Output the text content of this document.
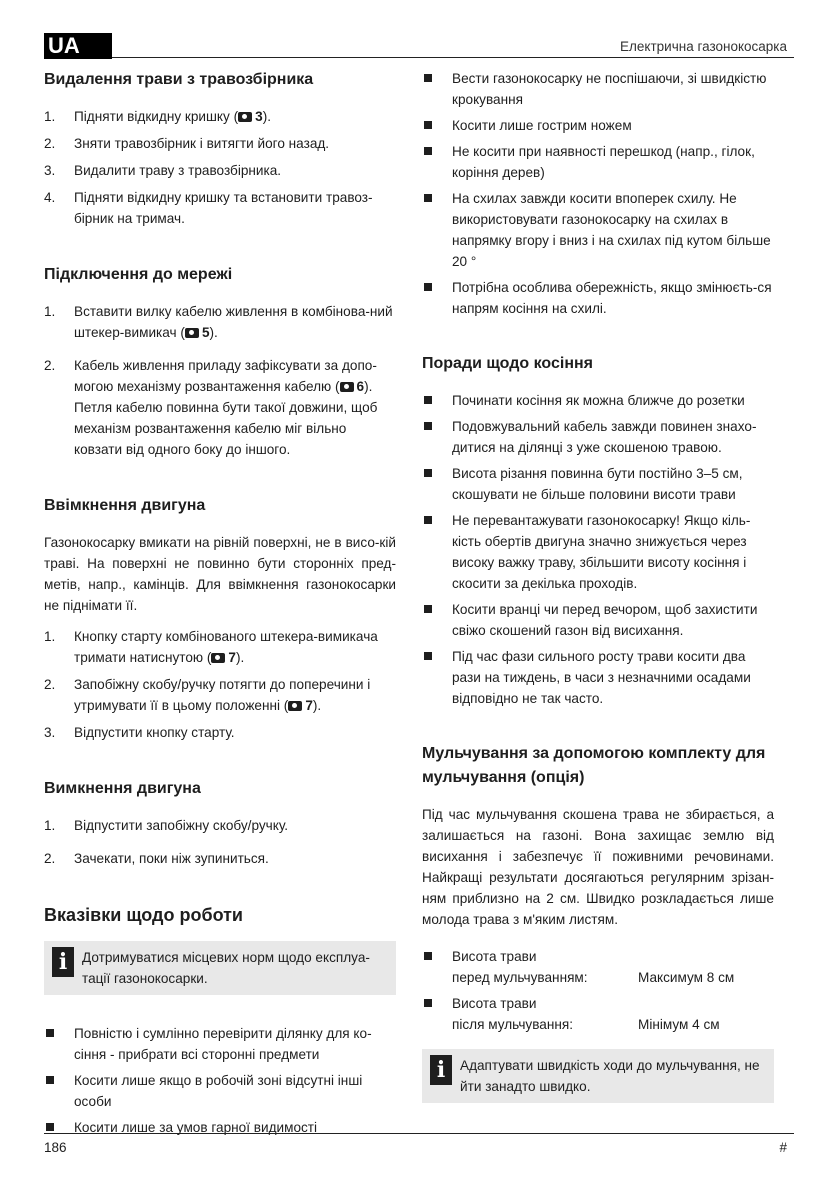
UA	Електрична газонокосарка
Видалення трави з травозбірника
1. Підняти відкидну кришку ( 3).
2. Зняти травозбірник і витягти його назад.
3. Видалити траву з травозбірника.
4. Підняти відкидну кришку та встановити травоз-бірник на тримач.
Підключення до мережі
1. Вставити вилку кабелю живлення в комбінова-ний штекер-вимикач ( 5).
2. Кабель живлення приладу зафіксувати за допо-могою механізму розвантаження кабелю ( 6). Петля кабелю повинна бути такої довжини, щоб механізм розвантаження кабелю міг вільно ковзати від одного боку до іншого.
Ввімкнення двигуна

Газонокосарку вмикати на рівній поверхні, не в висо-кій траві. На поверхні не повинно бути сторонніх пред-метів, напр., камінців. Для ввімкнення газонокосарки не піднімати її.

1. Кнопку старту комбінованого штекера-вимикача тримати натиснутою ( 7).
2. Запобіжну скобу/ручку потягти до поперечини і утримувати її в цьому положенні ( 7).
3. Відпустити кнопку старту.
Вимкнення двигуна
1. Відпустити запобіжну скобу/ручку.
2. Зачекати, поки ніж зупиниться.
Вказівки щодо роботи
i	Дотримуватися місцевих норм щодо експлуа-тації газонокосарки.
Повністю і сумлінно перевірити ділянку для ко-сіння - прибрати всі сторонні предмети
Косити лише якщо в робочій зоні відсутні інші особи
Косити лише за умов гарної видимості
Вести газонокосарку не поспішаючи, зі швидкістю крокування
Косити лише гострим ножем
Не косити при наявності перешкод (напр., гілок, коріння дерев)
На схилах завжди косити впоперек схилу. Не використовувати газонокосарку на схилах в напрямку вгору і вниз і на схилах під кутом більше 20 °
Потрібна особлива обережність, якщо змінюєть-ся напрям косіння на схилі.
Поради щодо косіння
Починати косіння як можна ближче до розетки
Подовжувальний кабель завжди повинен знахо-дитися на ділянці з уже скошеною травою.
Висота різання повинна бути постійно 3–5 см, скошувати не більше половини висоти трави
Не перевантажувати газонокосарку! Якщо кіль-кість обертів двигуна значно знижується через високу важку траву, збільшити висоту косіння і скосити за декілька проходів.
Косити вранці чи перед вечором, щоб захистити свіжо скошений газон від висихання.
Під час фази сильного росту трави косити два рази на тиждень, в часи з незначними осадами відповідно не так часто.
Мульчування за допомогою комплекту для мульчування (опція)

Під час мульчування скошена трава не збирається, а залишається на газоні. Вона захищає землю від висихання і забезпечує її поживними речовинами. Найкращі результати досягаються регулярним зрізан-ням приблизно на 2 см. Швидко розкладається лише молода трава з м'яким листям.

Висота трави
перед мульчуванням:	Максимум 8 см
Висота трави
після мульчування:	Мінімум 4 см
i	Адаптувати швидкість ходи до мульчування, не йти занадто швидко.
186	#
